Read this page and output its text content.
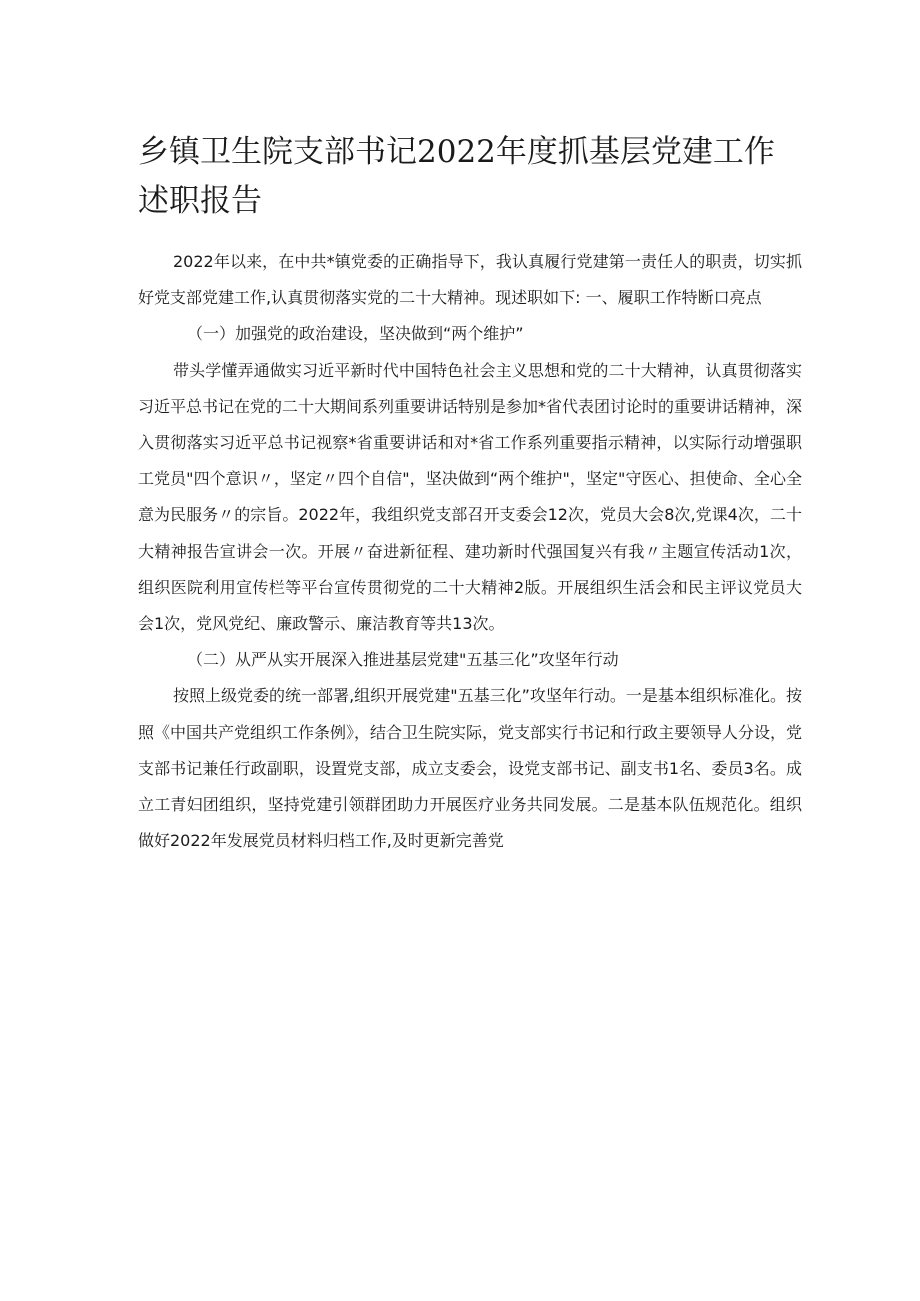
乡镇卫生院支部书记2022年度抓基层党建工作述职报告

2022年以来，在中共*镇党委的正确指导下，我认真履行党建第一责任人的职责，切实抓好党支部党建工作,认真贯彻落实党的二十大精神。现述职如下: 一、履职工作特断口亮点

（一）加强党的政治建设，坚决做到“两个维护”

带头学懂弄通做实习近平新时代中国特色社会主义思想和党的二十大精神，认真贯彻落实习近平总书记在党的二十大期间系列重要讲话特别是参加*省代表团讨论时的重要讲话精神，深入贯彻落实习近平总书记视察*省重要讲话和对*省工作系列重要指示精神，以实际行动增强职工党员"四个意识〃，坚定〃四个自信"，坚决做到“两个维护"，坚定"守医心、担使命、全心全意为民服务〃的宗旨。2022年，我组织党支部召开支委会12次，党员大会8次,党课4次，二十大精神报告宣讲会一次。开展〃奋进新征程、建功新时代强国复兴有我〃主题宣传活动1次，组织医院利用宣传栏等平台宣传贯彻党的二十大精神2版。开展组织生活会和民主评议党员大会1次，党风党纪、廉政警示、廉洁教育等共13次。

（二）从严从实开展深入推进基层党建"五基三化”攻坚年行动

按照上级党委的统一部署,组织开展党建"五基三化”攻坚年行动。一是基本组织标准化。按照《中国共产党组织工作条例》，结合卫生院实际，党支部实行书记和行政主要领导人分设，党支部书记兼任行政副职，设置党支部，成立支委会，设党支部书记、副支书1名、委员3名。成立工青妇团组织，坚持党建引领群团助力开展医疗业务共同发展。二是基本队伍规范化。组织做好2022年发展党员材料归档工作,及时更新完善党
